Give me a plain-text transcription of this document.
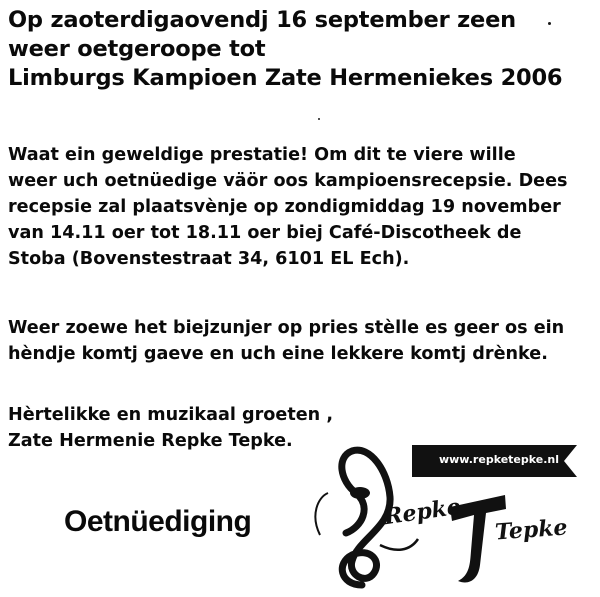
Op zaoterdigaovendj 16 september zeen
weer oetgeroope tot
Limburgs Kampioen Zate Hermeniekes 2006
Waat ein geweldige prestatie! Om dit te viere wille
weer uch oetnüedige väör oos kampioensrecepsie. Dees
recepsie zal plaatsvènje op zondigmiddag 19 november
van 14.11 oer tot 18.11 oer biej Café-Discotheek de
Stoba (Bovenstestraat 34, 6101 EL Ech).
Weer zoewe het biejzunjer op pries stèlle es geer os ein
hèndje komtj gaeve en uch eine lekkere komtj drènke.
Hèrtelikke en muzikaal groeten ,
Zate Hermenie Repke Tepke.
Oetnüediging	Repke Tepke
www.repketepke.nl
